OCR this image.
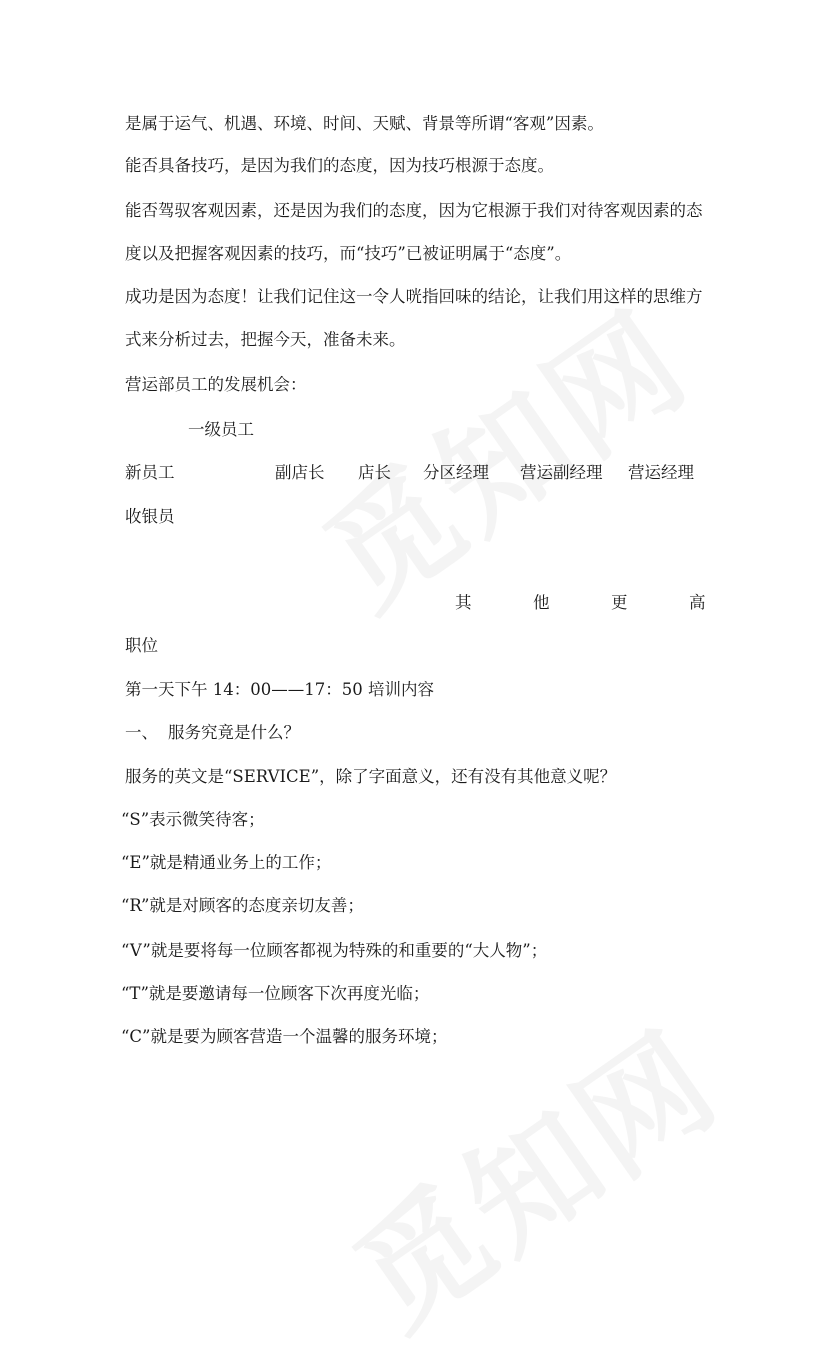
是属于运气、机遇、环境、时间、天赋、背景等所谓“客观”因素。
能否具备技巧，是因为我们的态度，因为技巧根源于态度。
能否驾驭客观因素，还是因为我们的态度，因为它根源于我们对待客观因素的态
度以及把握客观因素的技巧，而“技巧”已被证明属于“态度”。
成功是因为态度！让我们记住这一令人咣指回味的结论，让我们用这样的思维方
式来分析过去，把握今天，准备未来。
营运部员工的发展机会：
一级员工
新员工	副店长 店长 分区经理 营运副经理 营运经理
收银员
其	他	更	高
职位
第一天下午 14：00——17：50 培训内容
一、 服务究竟是什么？
服务的英文是“SERVICE”，除了字面意义，还有没有其他意义呢？
“S”表示微笑待客；
“E”就是精通业务上的工作；
“R”就是对顾客的态度亲切友善；
“V”就是要将每一位顾客都视为特殊的和重要的“大人物”；
“T”就是要邀请每一位顾客下次再度光临；
“C”就是要为顾客营造一个温馨的服务环境；
